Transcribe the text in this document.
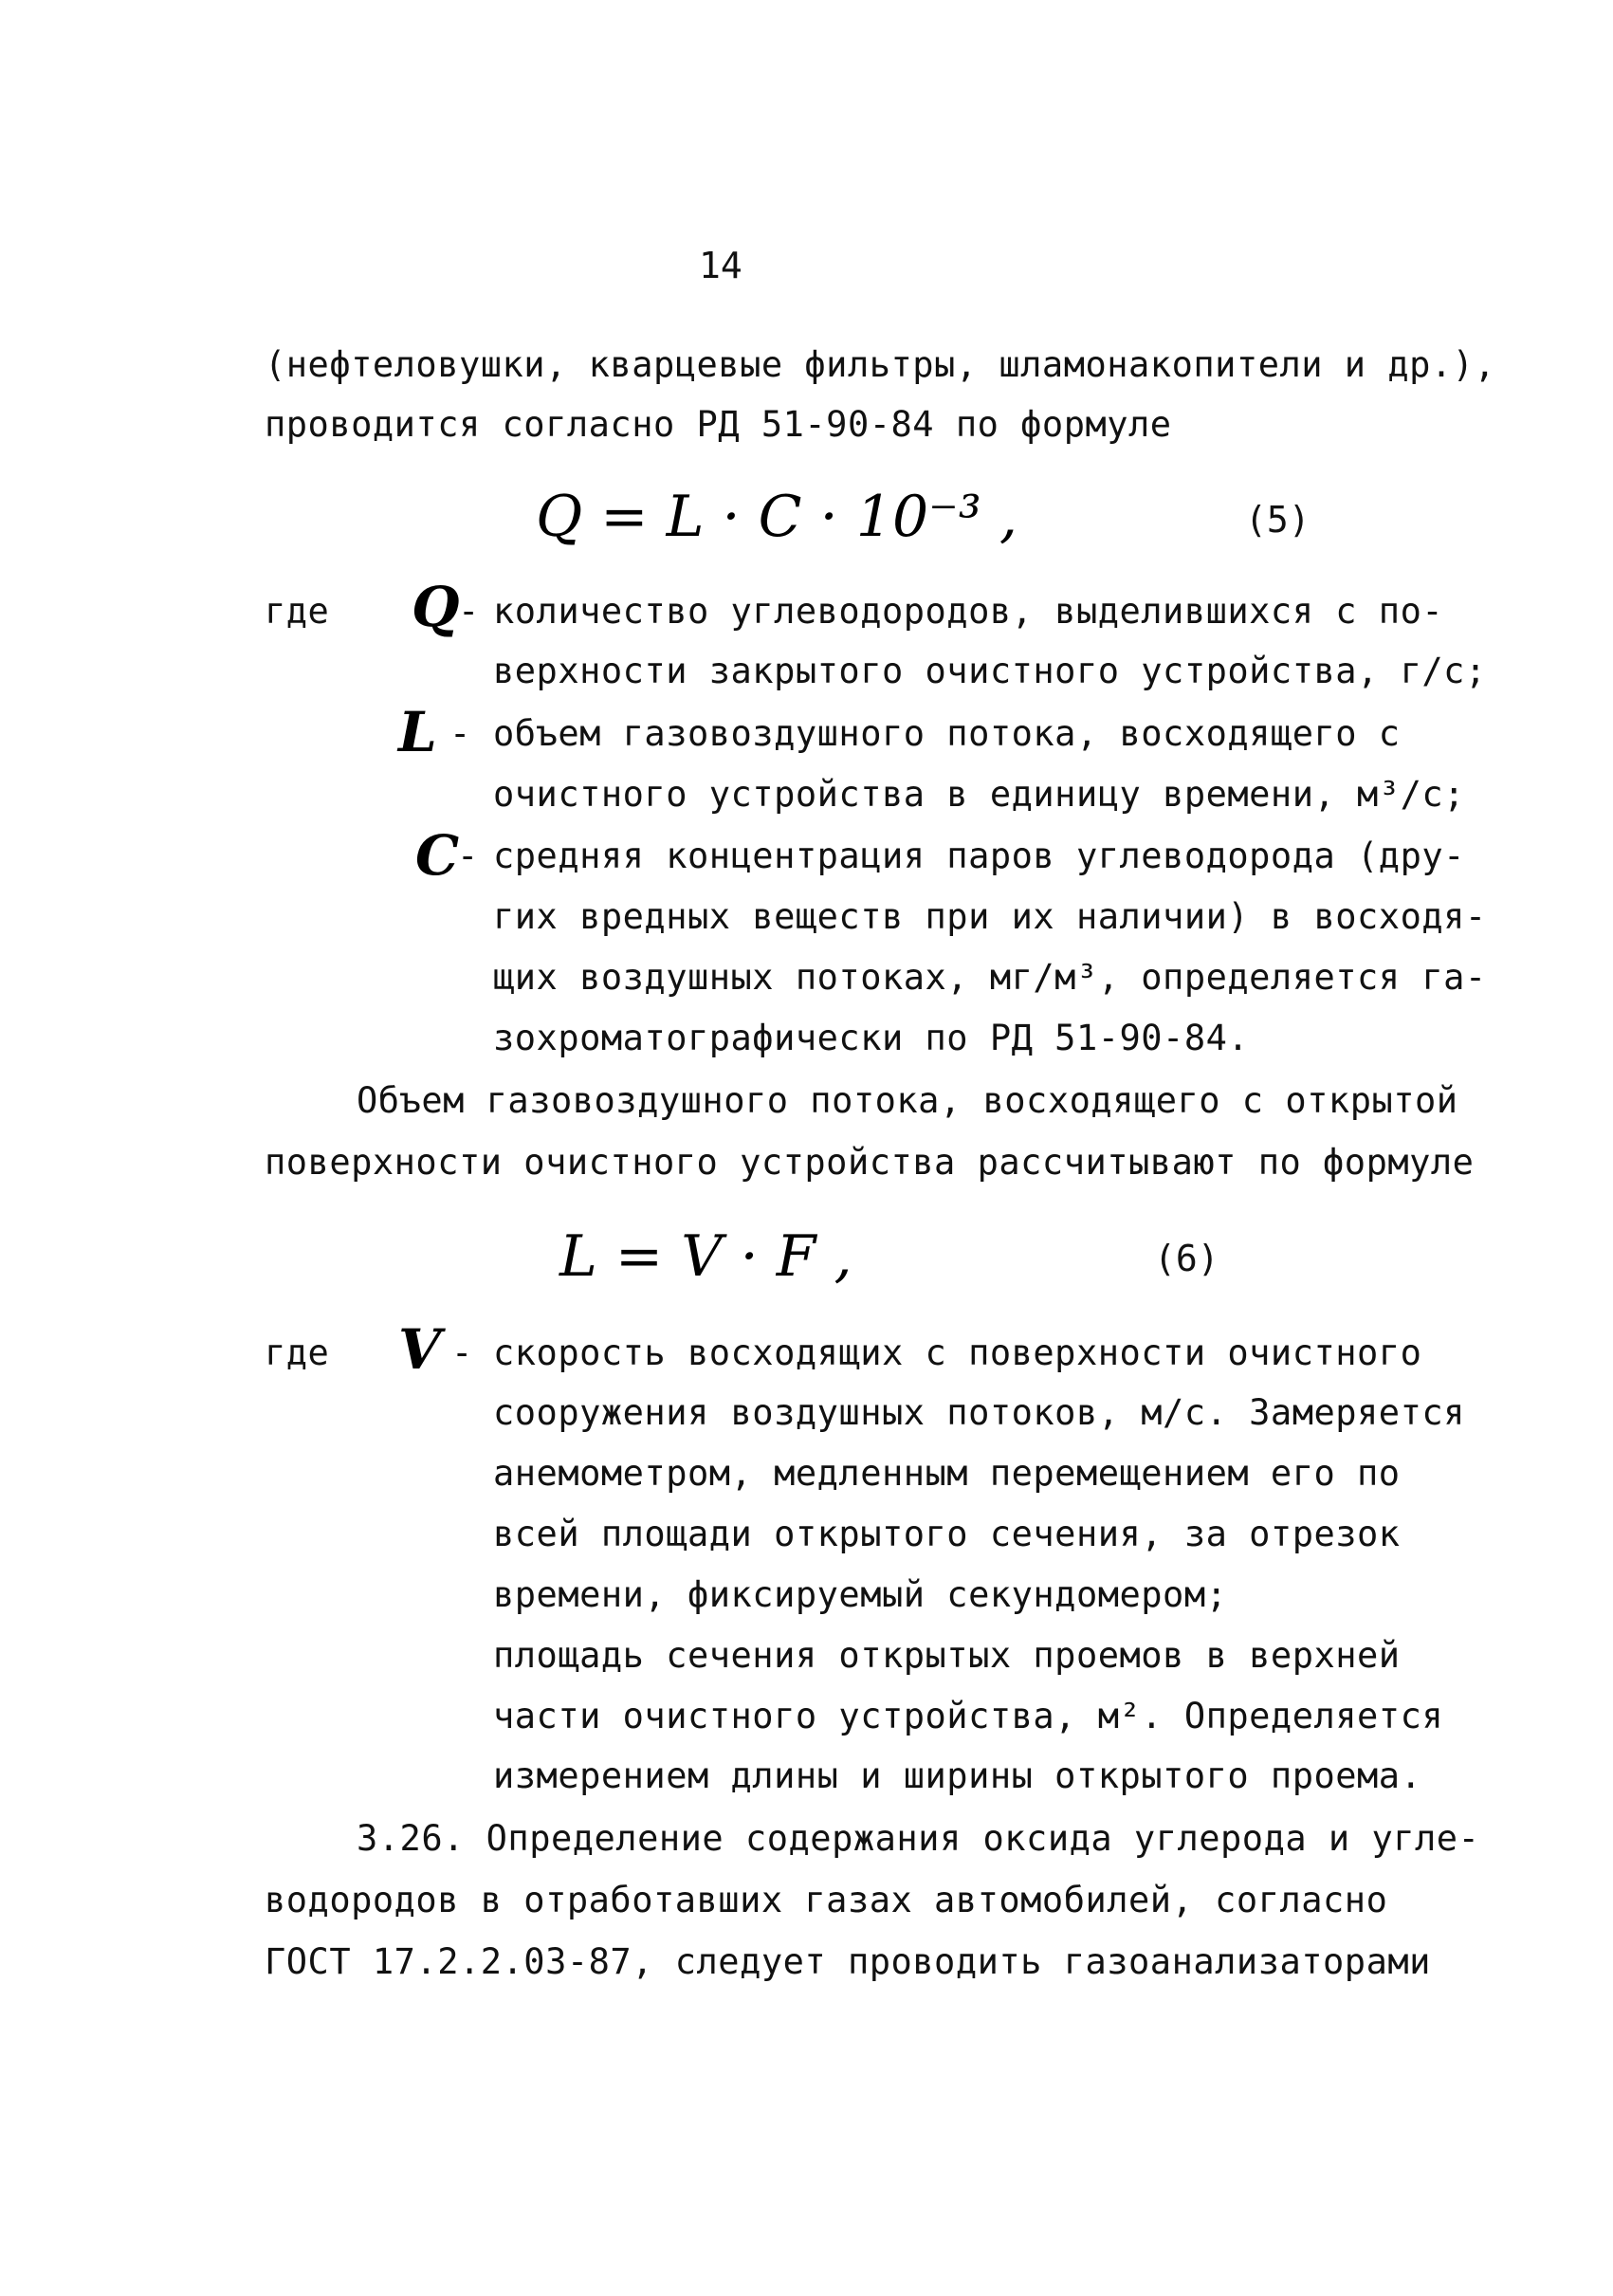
14
(нефтеловушки, кварцевые фильтры, шламонакопители и др.),
проводится согласно РД 51-90-84 по формуле
Q = L · C · 10⁻³ ,	(5)
где Q
- количество углеводородов, выделившихся с по-
верхности закрытого очистного устройства, г/с;
L - объем газовоздушного потока, восходящего с
очистного устройства в единицу времени, м³/с;
C
- средняя концентрация паров углеводорода (дру-
гих вредных веществ при их наличии) в восходя-
щих воздушных потоках, мг/м³, определяется га-
зохроматографически по РД 51-90-84.
Объем газовоздушного потока, восходящего с открытой
поверхности очистного устройства рассчитывают по формуле
L = V · F ,	(6)
где V - скорость восходящих с поверхности очистного
сооружения воздушных потоков, м/с. Замеряется
анемометром, медленным перемещением его по
всей площади открытого сечения, за отрезок
времени, фиксируемый секундомером;
площадь сечения открытых проемов в верхней
части очистного устройства, м². Определяется
измерением длины и ширины открытого проема.
3.26. Определение содержания оксида углерода и угле-
водородов в отработавших газах автомобилей, согласно
ГОСТ 17.2.2.03-87, следует проводить газоанализаторами
